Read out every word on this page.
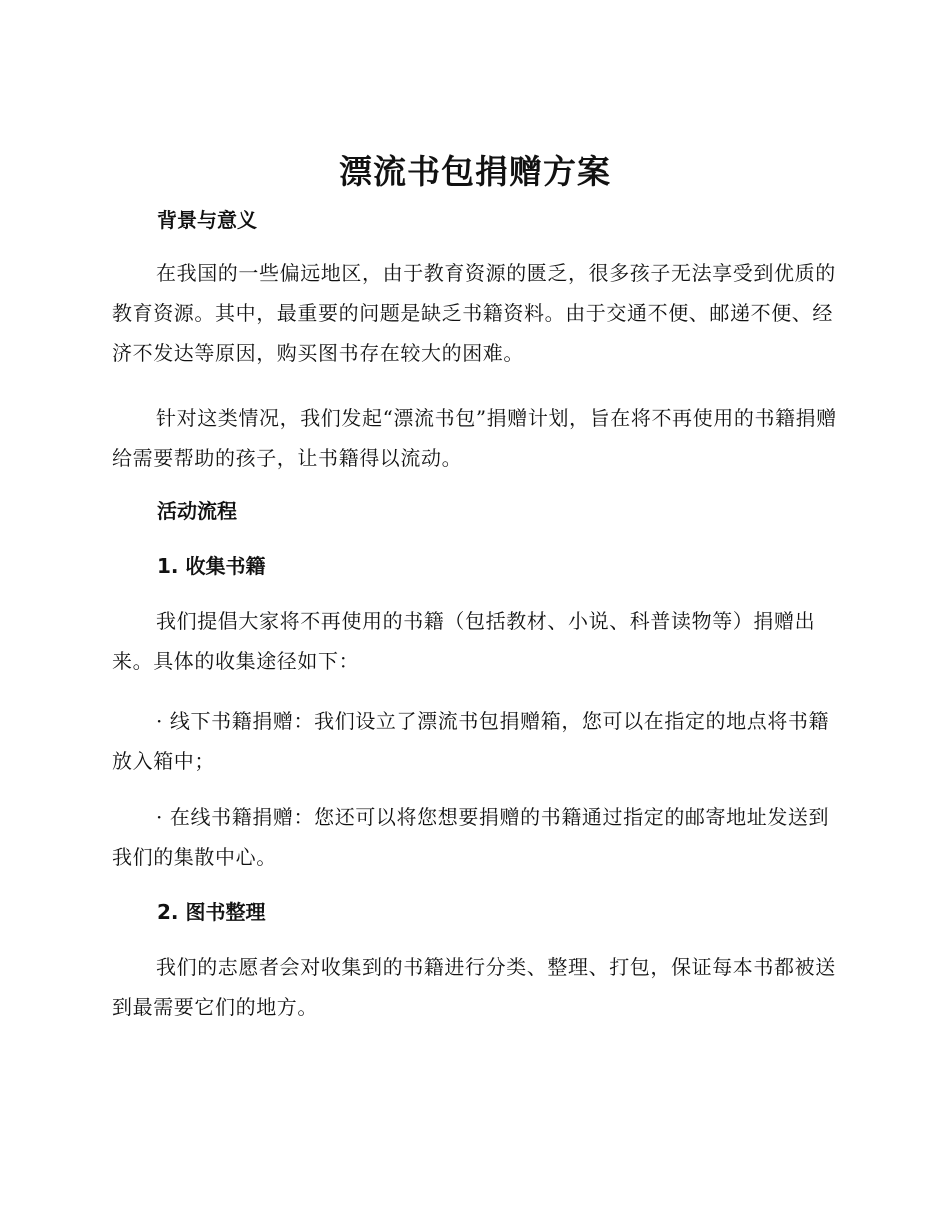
漂流书包捐赠方案
背景与意义

在我国的一些偏远地区，由于教育资源的匮乏，很多孩子无法享受到优质的教育资源。其中，最重要的问题是缺乏书籍资料。由于交通不便、邮递不便、经济不发达等原因，购买图书存在较大的困难。

针对这类情况，我们发起“漂流书包”捐赠计划，旨在将不再使用的书籍捐赠给需要帮助的孩子，让书籍得以流动。

活动流程
1. 收集书籍

我们提倡大家将不再使用的书籍（包括教材、小说、科普读物等）捐赠出来。具体的收集途径如下：

· 线下书籍捐赠：我们设立了漂流书包捐赠箱，您可以在指定的地点将书籍放入箱中；

· 在线书籍捐赠：您还可以将您想要捐赠的书籍通过指定的邮寄地址发送到我们的集散中心。

2. 图书整理

我们的志愿者会对收集到的书籍进行分类、整理、打包，保证每本书都被送到最需要它们的地方。
